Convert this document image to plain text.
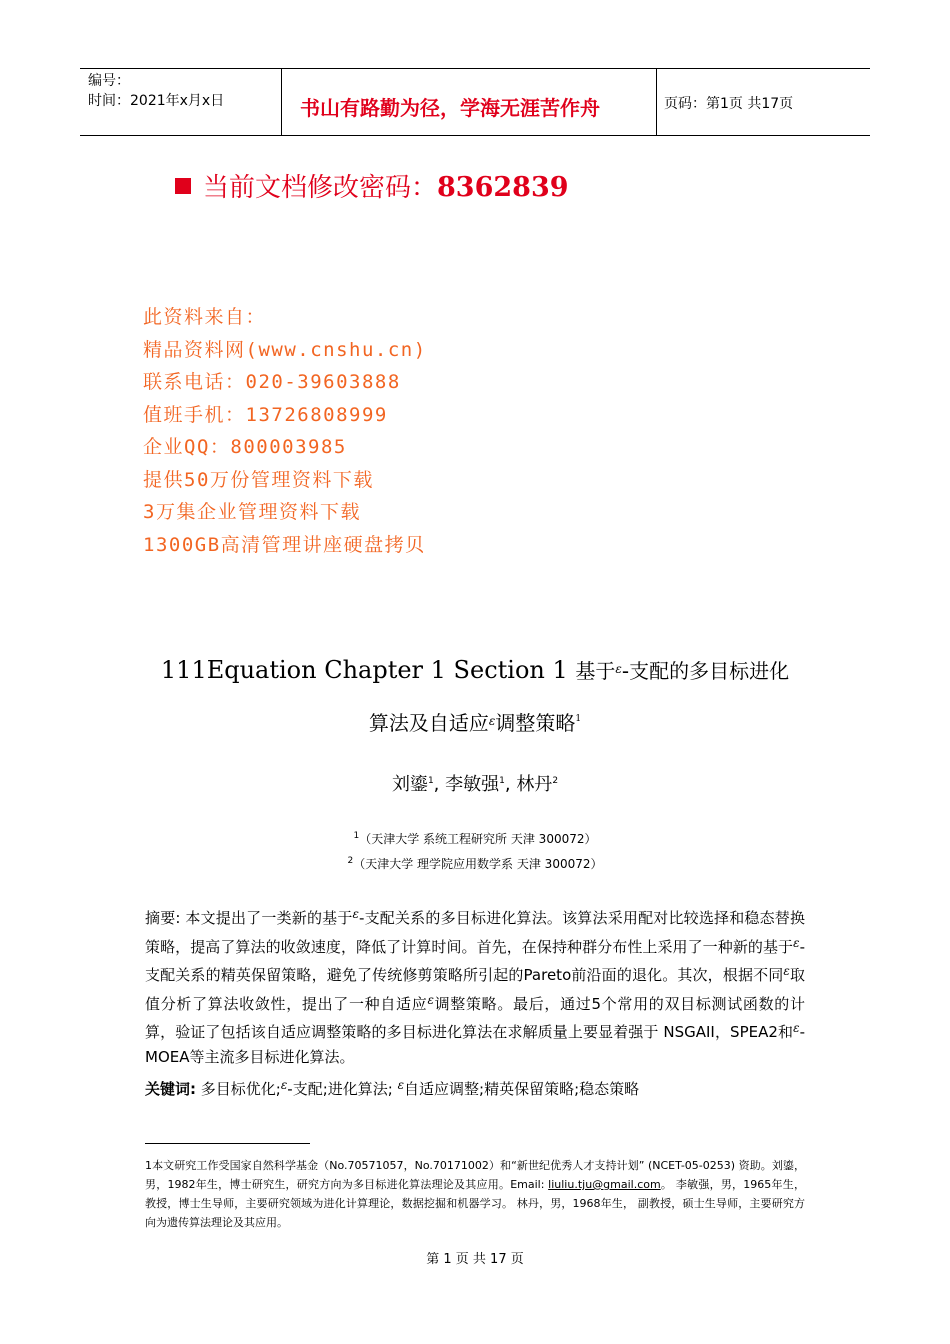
编号：
时间：2021年x月x日	书山有路勤为径，学海无涯苦作舟	页码：第1页 共17页
当前文档修改密码：8362839
此资料来自：
精品资料网(www.cnshu.cn)
联系电话：020-39603888
值班手机：13726808999
企业QQ：800003985
提供50万份管理资料下载
3万集企业管理资料下载
1300GB高清管理讲座硬盘拷贝
111Equation Chapter 1 Section 1 基于$^\varepsilon$-支配的多目标进化
算法及自适应$^\varepsilon$调整策略$^1$
刘鎏$^1$, 李敏强$^1$, 林丹$^2$
$^1$（天津大学 系统工程研究所 天津 300072）
$^2$（天津大学 理学院应用数学系 天津 300072）
摘要: 本文提出了一类新的基于$^\varepsilon$-支配关系的多目标进化算法。该算法采用配对比较选择和稳态替换策略，提高了算法的收敛速度，降低了计算时间。首先，在保持种群分布性上采用了一种新的基于$^\varepsilon$-支配关系的精英保留策略，避免了传统修剪策略所引起的Pareto前沿面的退化。其次，根据不同$^\varepsilon$取值分析了算法收敛性，提出了一种自适应$^\varepsilon$调整策略。最后，通过5个常用的双目标测试函数的计算，验证了包括该自适应调整策略的多目标进化算法在求解质量上要显着强于 NSGAII，SPEA2和$^\varepsilon$-MOEA等主流多目标进化算法。
关键词: 多目标优化;$^\varepsilon$-支配;进化算法; $^\varepsilon$自适应调整;精英保留策略;稳态策略
1本文研究工作受国家自然科学基金（No.70571057，No.70171002）和“新世纪优秀人才支持计划” (NCET-05-0253) 资助。刘鎏，男，1982年生，博士研究生，研究方向为多目标进化算法理论及其应用。Email: liuliu.tju@gmail.com。 李敏强，男，1965年生，教授，博士生导师，主要研究领域为进化计算理论，数据挖掘和机器学习。 林丹，男，1968年生， 副教授，硕士生导师，主要研究方向为遗传算法理论及其应用。
第 1 页 共 17 页
